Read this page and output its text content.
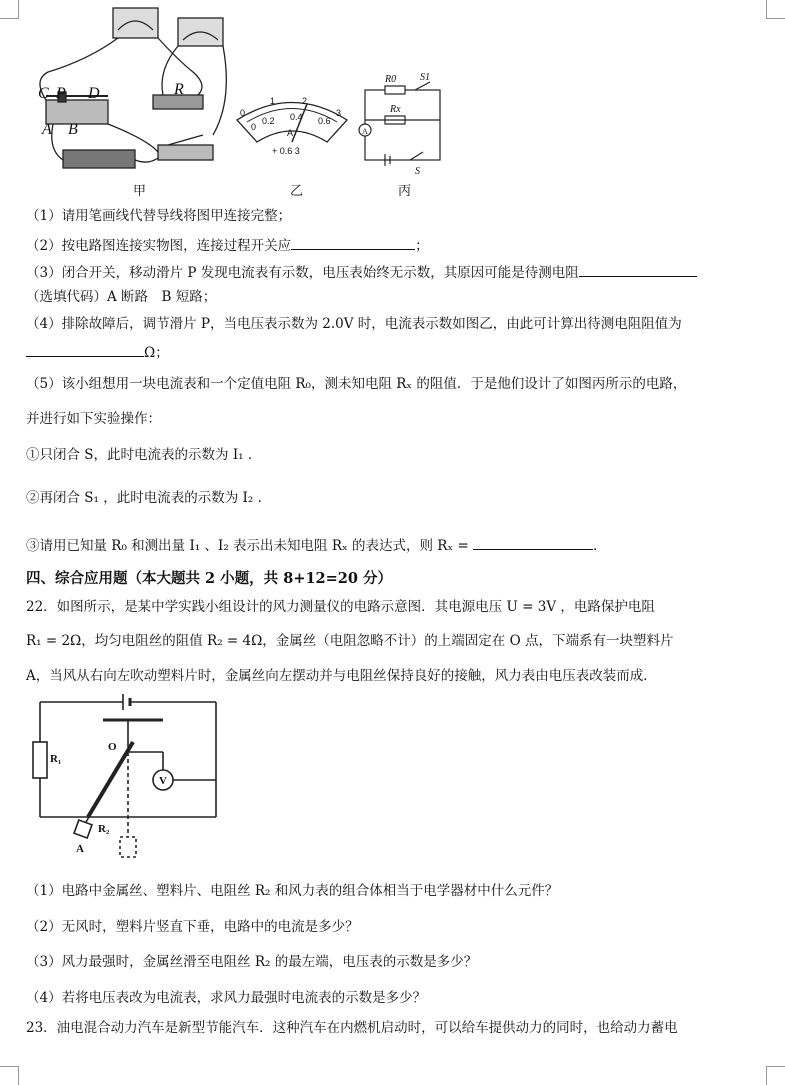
C P D
A B
R
甲
0
0
0.2 0.4 0.6
1	2
3
A
+ 0.6 3
乙
R0 S1
Rx
A
S
丙
（1）请用笔画线代替导线将图甲连接完整；
（2）按电路图连接实物图，连接过程开关应	；
（3）闭合开关，移动滑片 P 发现电流表有示数，电压表始终无示数，其原因可能是待测电阻
（选填代码）A 断路　B 短路；
（4）排除故障后，调节滑片 P，当电压表示数为 2.0V 时，电流表示数如图乙，由此可计算出待测电阻阻值为
Ω；
（5）该小组想用一块电流表和一个定值电阻 R₀，测未知电阻 Rₓ 的阻值．于是他们设计了如图丙所示的电路，
并进行如下实验操作：
①只闭合 S，此时电流表的示数为 I₁ ．
②再闭合 S₁ ，此时电流表的示数为 I₂ ．
③请用已知量 R₀ 和测出量 I₁ 、I₂ 表示出未知电阻 Rₓ 的表达式，则 Rₓ =	．
四、综合应用题（本大题共 2 小题，共 8+12=20 分）
22．如图所示，是某中学实践小组设计的风力测量仪的电路示意图．其电源电压 U = 3V ，电路保护电阻
R₁ = 2Ω，均匀电阻丝的阻值 R₂ = 4Ω，金属丝（电阻忽略不计）的上端固定在 O 点，下端系有一块塑料片
A，当风从右向左吹动塑料片时，金属丝向左摆动并与电阻丝保持良好的接触，风力表由电压表改装而成．
R₁
O
V
R₂
A
（1）电路中金属丝、塑料片、电阻丝 R₂ 和风力表的组合体相当于电学器材中什么元件？
（2）无风时，塑料片竖直下垂，电路中的电流是多少？
（3）风力最强时，金属丝滑至电阻丝 R₂ 的最左端，电压表的示数是多少？
（4）若将电压表改为电流表，求风力最强时电流表的示数是多少？
23．油电混合动力汽车是新型节能汽车．这种汽车在内燃机启动时，可以给车提供动力的同时，也给动力蓄电
